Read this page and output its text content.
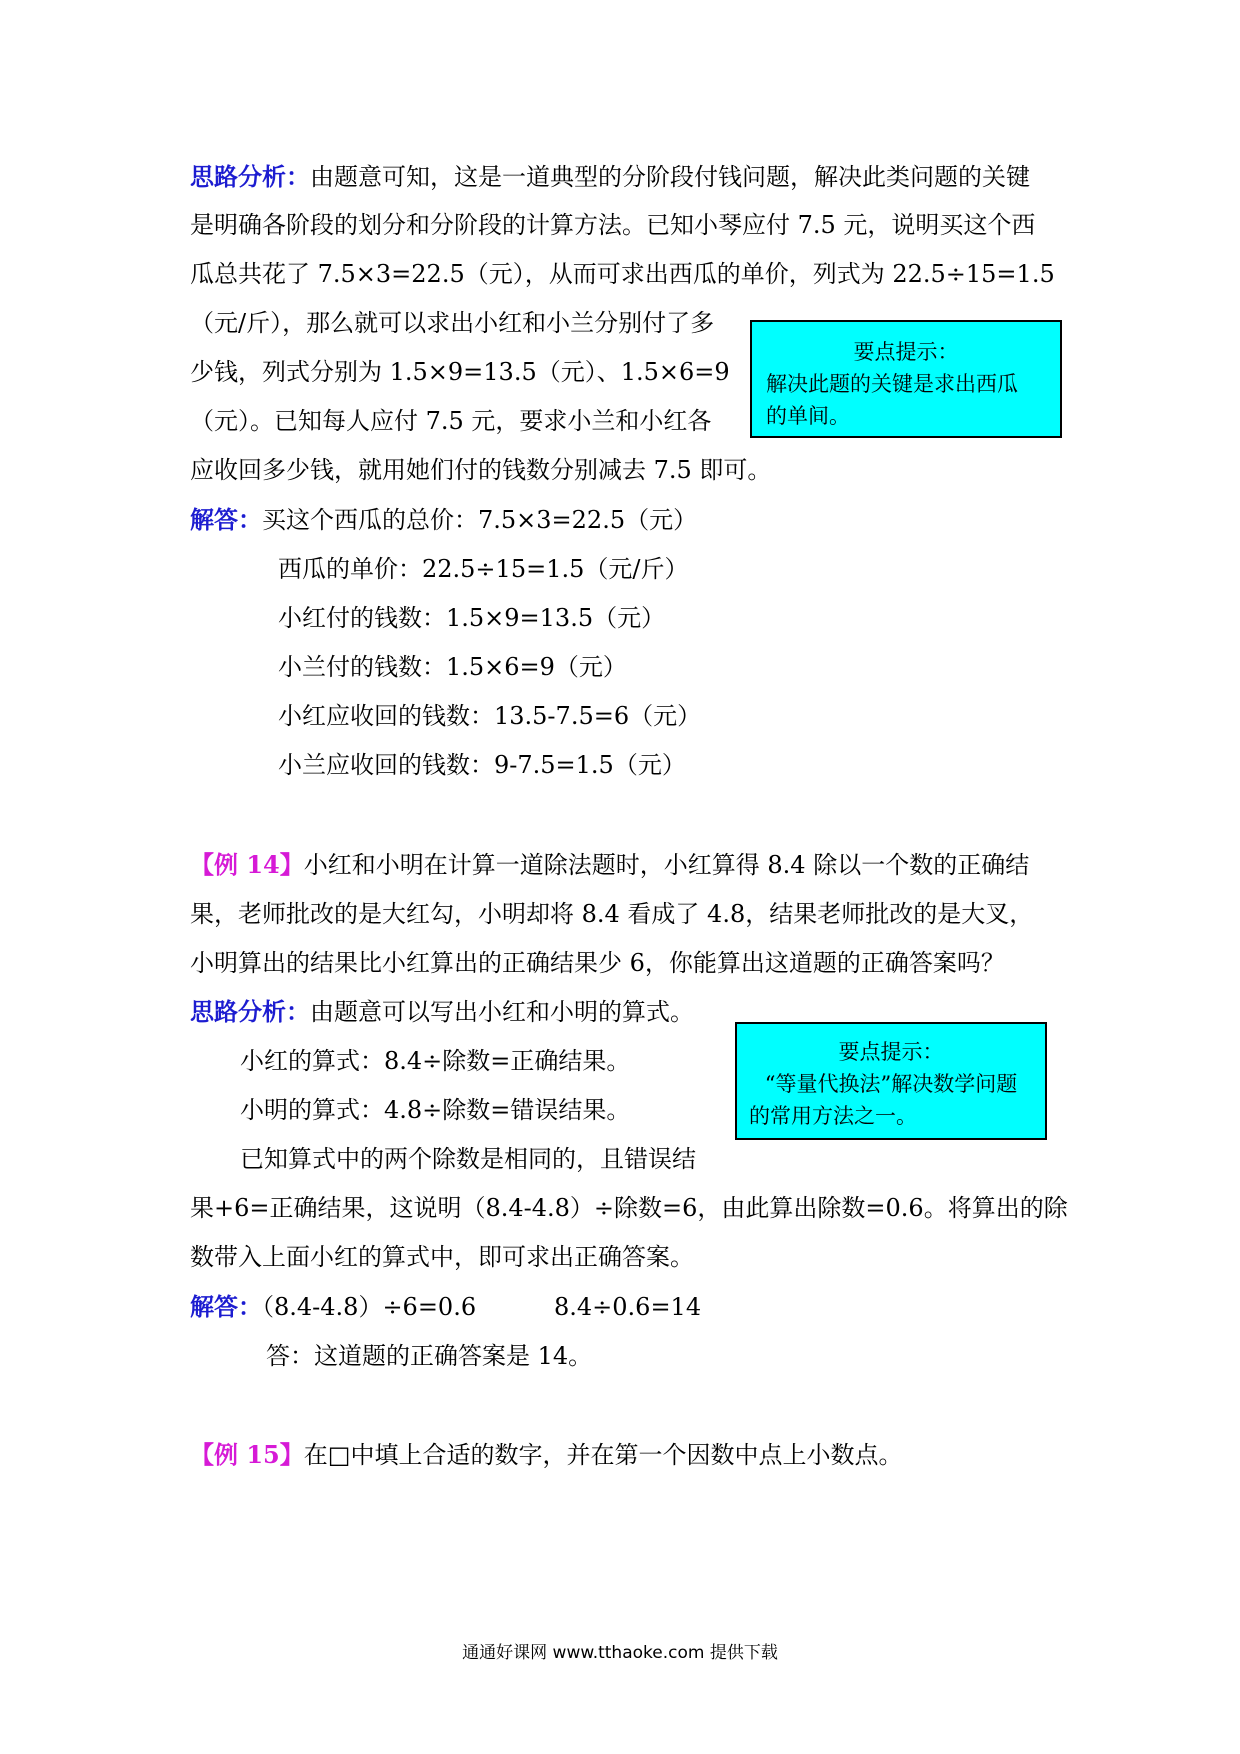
思路分析：由题意可知，这是一道典型的分阶段付钱问题，解决此类问题的关键
是明确各阶段的划分和分阶段的计算方法。已知小琴应付 7.5 元，说明买这个西
瓜总共花了 7.5×3=22.5（元），从而可求出西瓜的单价，列式为 22.5÷15=1.5
（元/斤），那么就可以求出小红和小兰分别付了多
少钱，列式分别为 1.5×9=13.5（元）、1.5×6=9
（元）。已知每人应付 7.5 元，要求小兰和小红各
应收回多少钱，就用她们付的钱数分别减去 7.5 即可。
要点提示：
解决此题的关键是求出西瓜
的单间。
解答：买这个西瓜的总价：7.5×3=22.5（元）
西瓜的单价：22.5÷15=1.5（元/斤）
小红付的钱数：1.5×9=13.5（元）
小兰付的钱数：1.5×6=9（元）
小红应收回的钱数：13.5-7.5=6（元）
小兰应收回的钱数：9-7.5=1.5（元）
【例 14】小红和小明在计算一道除法题时，小红算得 8.4 除以一个数的正确结
果，老师批改的是大红勾，小明却将 8.4 看成了 4.8，结果老师批改的是大叉，
小明算出的结果比小红算出的正确结果少 6，你能算出这道题的正确答案吗？
思路分析：由题意可以写出小红和小明的算式。
小红的算式：8.4÷除数=正确结果。
小明的算式：4.8÷除数=错误结果。
已知算式中的两个除数是相同的，且错误结
果+6=正确结果，这说明（8.4-4.8）÷除数=6，由此算出除数=0.6。将算出的除
数带入上面小红的算式中，即可求出正确答案。
要点提示：
“等量代换法”解决数学问题
的常用方法之一。
解答：（8.4-4.8）÷6=0.6	8.4÷0.6=14
答：这道题的正确答案是 14。
【例 15】在□中填上合适的数字，并在第一个因数中点上小数点。
通通好课网 www.tthaoke.com 提供下载
